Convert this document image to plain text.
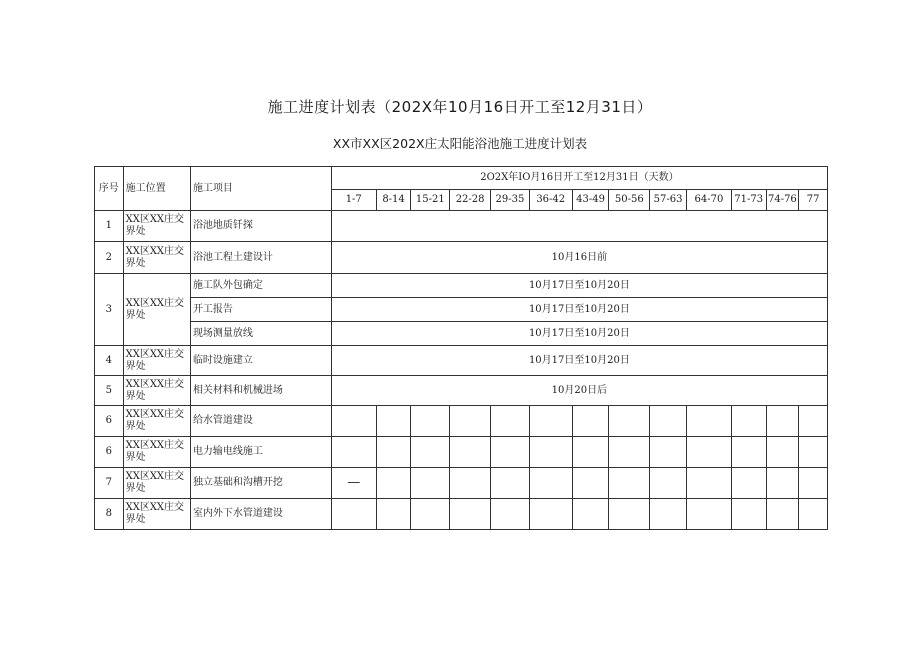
施工进度计划表（202X年10月16日开工至12月31日）
XX市XX区202X庄太阳能浴池施工进度计划表
序号	施工位置	施工项目	2O2X年IO月16日开工至12月31日（天数）												
			1-7	8-14	15-21	22-28	29-35	36-42	43-49	50-56	57-63	64-70	71-73	74-76	77
1	XX区XX庄交界处	浴池地质钎探													
2	XX区XX庄交界处	浴池工程土建设计	10月16日前												
3	XX区XX庄交界处	施工队外包确定	10月17日至10月20日												
		开工报告	10月17日至10月20日												
		现场测量放线	10月17日至10月20日												
4	XX区XX庄交界处	临时设施建立	10月17日至10月20日												
5	XX区XX庄交界处	相关材料和机械进场	10月20日后												
6	XX区XX庄交界处	给水管道建设													
6	XX区XX庄交界处	电力输电线施工													
7	XX区XX庄交界处	独立基础和沟槽开挖	—												
8	XX区XX庄交界处	室内外下水管道建设													
